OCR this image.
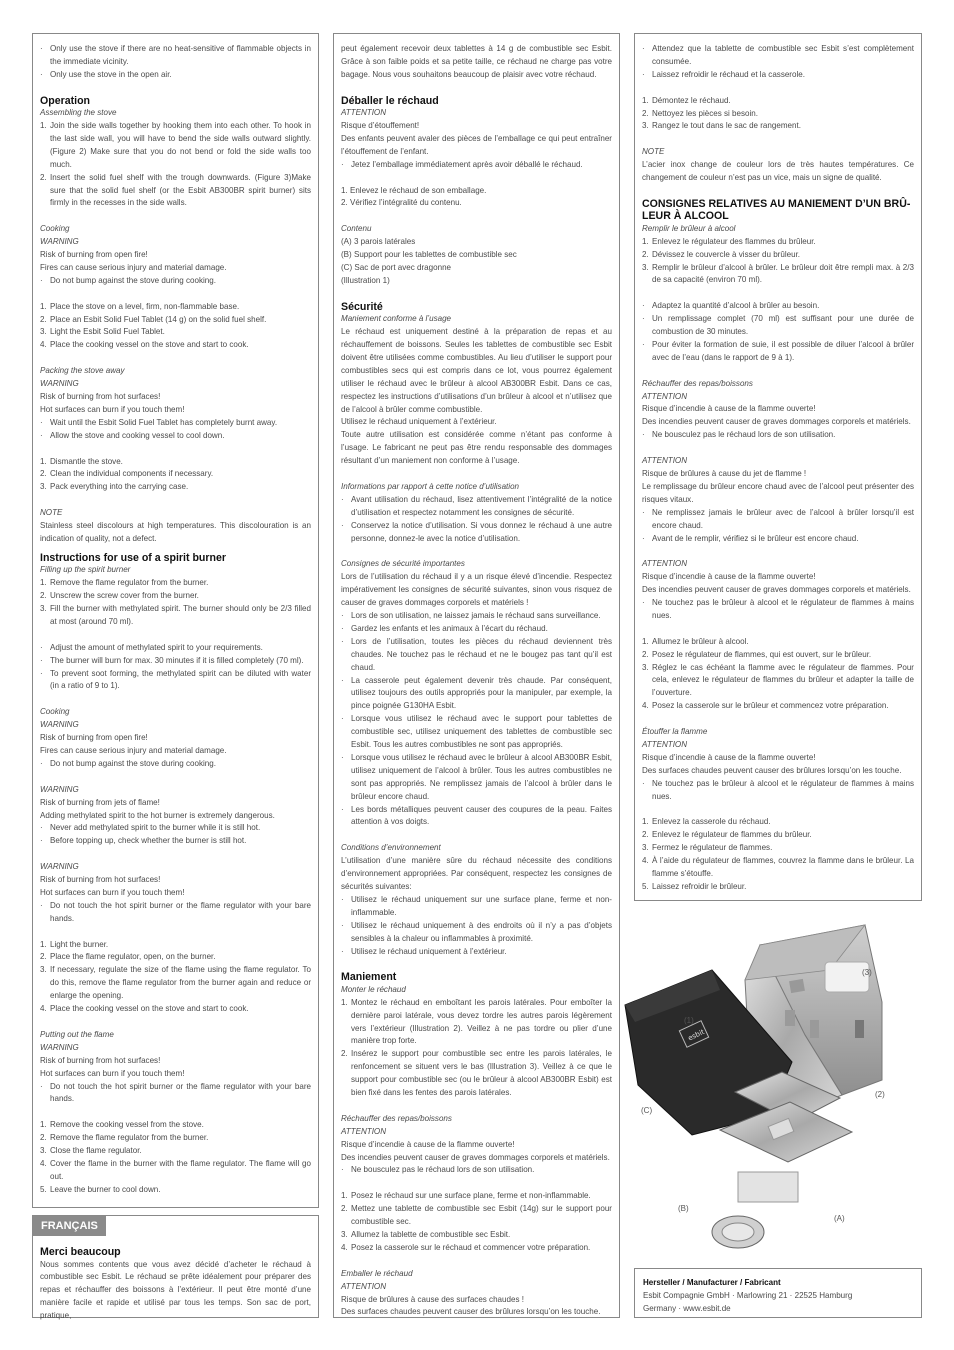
· Only use the stove if there are no heat-sensitive of flammable objects in the immediate vicinity.
· Only use the stove in the open air.

Operation

Assembling the stove

1. Join the side walls together by hooking them into each other. To hook in the last side wall, you will have to bend the side walls outward slightly. (Figure 2) Make sure that you do not bend or fold the side walls too much.
2. Insert the solid fuel shelf with the trough downwards. (Figure 3)Make sure that the solid fuel shelf (or the Esbit AB300BR spirit burner) sits firmly in the recesses in the side walls.

Cooking

WARNING

Risk of burning from open fire!

Fires can cause serious injury and material damage.

· Do not bump against the stove during cooking.
1. Place the stove on a level, firm, non-flammable base.
2. Place an Esbit Solid Fuel Tablet (14 g) on the solid fuel shelf.
3. Light the Esbit Solid Fuel Tablet.
4. Place the cooking vessel on the stove and start to cook.

Packing the stove away

WARNING

Risk of burning from hot surfaces!

Hot surfaces can burn if you touch them!

· Wait until the Esbit Solid Fuel Tablet has completely burnt away.
· Allow the stove and cooking vessel to cool down.
1. Dismantle the stove.
2. Clean the individual components if necessary.
3. Pack everything into the carrying case.

NOTE

Stainless steel discolours at high temperatures. This discolouration is an indication of quality, not a defect.

Instructions for use of a spirit burner

Filling up the spirit burner

1. Remove the flame regulator from the burner.
2. Unscrew the screw cover from the burner.
3. Fill the burner with methylated spirit. The burner should only be 2/3 filled at most (around 70 ml).
· Adjust the amount of methylated spirit to your requirements.
· The burner will burn for max. 30 minutes if it is filled completely (70 ml).
· To prevent soot forming, the methylated spirit can be diluted with water (in a ratio of 9 to 1).

Cooking

WARNING

Risk of burning from open fire!

Fires can cause serious injury and material damage.

· Do not bump against the stove during cooking.

WARNING

Risk of burning from jets of flame!

Adding methylated spirit to the hot burner is extremely dangerous.

· Never add methylated spirit to the burner while it is still hot.
· Before topping up, check whether the burner is still hot.

WARNING

Risk of burning from hot surfaces!

Hot surfaces can burn if you touch them!

· Do not touch the hot spirit burner or the flame regulator with your bare hands.
1. Light the burner.
2. Place the flame regulator, open, on the burner.
3. If necessary, regulate the size of the flame using the flame regulator. To do this, remove the flame regulator from the burner again and reduce or enlarge the opening.
4. Place the cooking vessel on the stove and start to cook.

Putting out the flame

WARNING

Risk of burning from hot surfaces!

Hot surfaces can burn if you touch them!

· Do not touch the hot spirit burner or the flame regulator with your bare hands.
1. Remove the cooking vessel from the stove.
2. Remove the flame regulator from the burner.
3. Close the flame regulator.
4. Cover the flame in the burner with the flame regulator. The flame will go out.
5. Leave the burner to cool down.
FRANÇAIS

Merci beaucoup

Nous sommes contents que vous avez décidé d’acheter le réchaud à combustible sec Esbit. Le réchaud se prête idéalement pour préparer des repas et réchauffer des boissons à l’extérieur. Il peut être monté d’une manière facile et rapide et utilisé par tous les temps. Son sac de port, pratique,

peut également recevoir deux tablettes à 14 g de combustible sec Esbit. Grâce à son faible poids et sa petite taille, ce réchaud ne charge pas votre bagage. Nous vous souhaitons beaucoup de plaisir avec votre réchaud.

Déballer le réchaud

ATTENTION

Risque d’étouffement!

Des enfants peuvent avaler des pièces de l’emballage ce qui peut entraîner l’étouffement de l’enfant.

· Jetez l’emballage immédiatement après avoir déballé le réchaud.

1. Enlevez le réchaud de son emballage.

2. Vérifiez l’intégralité du contenu.

Contenu

(A) 3 parois latérales

(B) Support pour les tablettes de combustible sec

(C) Sac de port avec dragonne

(Illustration 1)

Sécurité

Maniement conforme à l’usage

Le réchaud est uniquement destiné à la préparation de repas et au réchauffement de boissons. Seules les tablettes de combustible sec Esbit doivent être utilisées comme combustibles. Au lieu d’utiliser le support pour combustibles secs qui est compris dans ce lot, vous pourrez également utiliser le réchaud avec le brûleur à alcool AB300BR Esbit. Dans ce cas, respectez les instructions d’utilisations d’un brûleur à alcool et n’utilisez que de l’alcool à brûler comme combustible.

Utilisez le réchaud uniquement à l’extérieur.

Toute autre utilisation est considérée comme n’étant pas conforme à l’usage. Le fabricant ne peut pas être rendu responsable des dommages résultant d’un maniement non conforme à l’usage.

Informations par rapport à cette notice d’utilisation

· Avant utilisation du réchaud, lisez attentivement l’intégralité de la notice d’utilisation et respectez notamment les consignes de sécurité.
· Conservez la notice d’utilisation. Si vous donnez le réchaud à une autre personne, donnez-le avec la notice d’utilisation.

Consignes de sécurité importantes

Lors de l’utilisation du réchaud il y a un risque élevé d’incendie. Respectez impérativement les consignes de sécurité suivantes, sinon vous risquez de causer de graves dommages corporels et matériels !

· Lors de son utilisation, ne laissez jamais le réchaud sans surveillance.
· Gardez les enfants et les animaux à l’écart du réchaud.
· Lors de l’utilisation, toutes les pièces du réchaud deviennent très chaudes. Ne touchez pas le réchaud et ne le bougez pas tant qu’il est chaud.
· La casserole peut également devenir très chaude. Par conséquent, utilisez toujours des outils appropriés pour la manipuler, par exemple, la pince poignée G130HA Esbit.
· Lorsque vous utilisez le réchaud avec le support pour tablettes de combustible sec, utilisez uniquement des tablettes de combustible sec Esbit. Tous les autres combustibles ne sont pas appropriés.
· Lorsque vous utilisez le réchaud avec le brûleur à alcool AB300BR Esbit, utilisez uniquement de l’alcool à brûler. Tous les autres combustibles ne sont pas appropriés. Ne remplissez jamais de l’alcool à brûler dans le brûleur encore chaud.
· Les bords métalliques peuvent causer des coupures de la peau. Faites attention à vos doigts.

Conditions d’environnement

L’utilisation d’une manière sûre du réchaud nécessite des conditions d’environnement appropriées. Par conséquent, respectez les consignes de sécurités suivantes:

· Utilisez le réchaud uniquement sur une surface plane, ferme et non-inflammable.
· Utilisez le réchaud uniquement à des endroits où il n’y a pas d’objets sensibles à la chaleur ou inflammables à proximité.
· Utilisez le réchaud uniquement à l’extérieur.

Maniement

Monter le réchaud

1. Montez le réchaud en emboîtant les parois latérales. Pour emboîter la dernière paroi latérale, vous devez tordre les autres parois légèrement vers l’extérieur (Illustration 2). Veillez à ne pas tordre ou plier d’une manière trop forte.
2. Insérez le support pour combustible sec entre les parois latérales, le renfoncement se situent vers le bas (Illustration 3). Veillez à ce que le support pour combustible sec (ou le brûleur à alcool AB300BR Esbit) est bien fixé dans les fentes des parois latérales.

Réchauffer des repas/boissons

ATTENTION

Risque d’incendie à cause de la flamme ouverte!

Des incendies peuvent causer de graves dommages corporels et matériels.

· Ne bousculez pas le réchaud lors de son utilisation.
1. Posez le réchaud sur une surface plane, ferme et non-inflammable.
2. Mettez une tablette de combustible sec Esbit (14g) sur le support pour combustible sec.
3. Allumez la tablette de combustible sec Esbit.
4. Posez la casserole sur le réchaud et commencer votre préparation.

Emballer le réchaud

ATTENTION

Risque de brûlures à cause des surfaces chaudes !

Des surfaces chaudes peuvent causer des brûlures lorsqu’on les touche.

· Attendez que la tablette de combustible sec Esbit s’est complètement consumée.
· Laissez refroidir le réchaud et la casserole.
1. Démontez le réchaud.
2. Nettoyez les pièces si besoin.
3. Rangez le tout dans le sac de rangement.

NOTE

L’acier inox change de couleur lors de très hautes températures. Ce changement de couleur n’est pas un vice, mais un signe de qualité.

CONSIGNES RELATIVES AU MANIEMENT D’UN BRÛ-LEUR À ALCOOL

Remplir le brûleur à alcool

1. Enlevez le régulateur des flammes du brûleur.
2. Dévissez le couvercle à visser du brûleur.
3. Remplir le brûleur d’alcool à brûler. Le brûleur doit être rempli max. à 2/3 de sa capacité (environ 70 ml).
· Adaptez la quantité d’alcool à brûler au besoin.
· Un remplissage complet (70 ml) est suffisant pour une durée de combustion de 30 minutes.
· Pour éviter la formation de suie, il est possible de diluer l’alcool à brûler avec de l’eau (dans le rapport de 9 à 1).

Réchauffer des repas/boissons

ATTENTION

Risque d’incendie à cause de la flamme ouverte!

Des incendies peuvent causer de graves dommages corporels et matériels.

· Ne bousculez pas le réchaud lors de son utilisation.

ATTENTION

Risque de brûlures à cause du jet de flamme !

Le remplissage du brûleur encore chaud avec de l’alcool peut présenter des risques vitaux.

· Ne remplissez jamais le brûleur avec de l’alcool à brûler lorsqu’il est encore chaud.
· Avant de le remplir, vérifiez si le brûleur est encore chaud.

ATTENTION

Risque d’incendie à cause de la flamme ouverte!

Des incendies peuvent causer de graves dommages corporels et matériels.

· Ne touchez pas le brûleur à alcool et le régulateur de flammes à mains nues.
1. Allumez le brûleur à alcool.
2. Posez le régulateur de flammes, qui est ouvert, sur le brûleur.
3. Réglez le cas échéant la flamme avec le régulateur de flammes. Pour cela, enlevez le régulateur de flammes du brûleur et adapter la taille de l’ouverture.
4. Posez la casserole sur le brûleur et commencez votre préparation.

Étouffer la flamme

ATTENTION

Risque d’incendie à cause de la flamme ouverte!

Des surfaces chaudes peuvent causer des brûlures lorsqu’on les touche.

· Ne touchez pas le brûleur à alcool et le régulateur de flammes à mains nues.
1. Enlevez la casserole du réchaud.
2. Enlevez le régulateur de flammes du brûleur.
3. Fermez le régulateur de flammes.
4. À l’aide du régulateur de flammes, couvrez la flamme dans le brûleur. La flamme s’étouffe.
5. Laissez refroidir le brûleur.
esbit
(3)
(1)
(2)
(C)
(B)
(A)

Hersteller / Manufacturer / Fabricant

Esbit Compagnie GmbH · Marlowring 21 · 22525 Hamburg

Germany · www.esbit.de
